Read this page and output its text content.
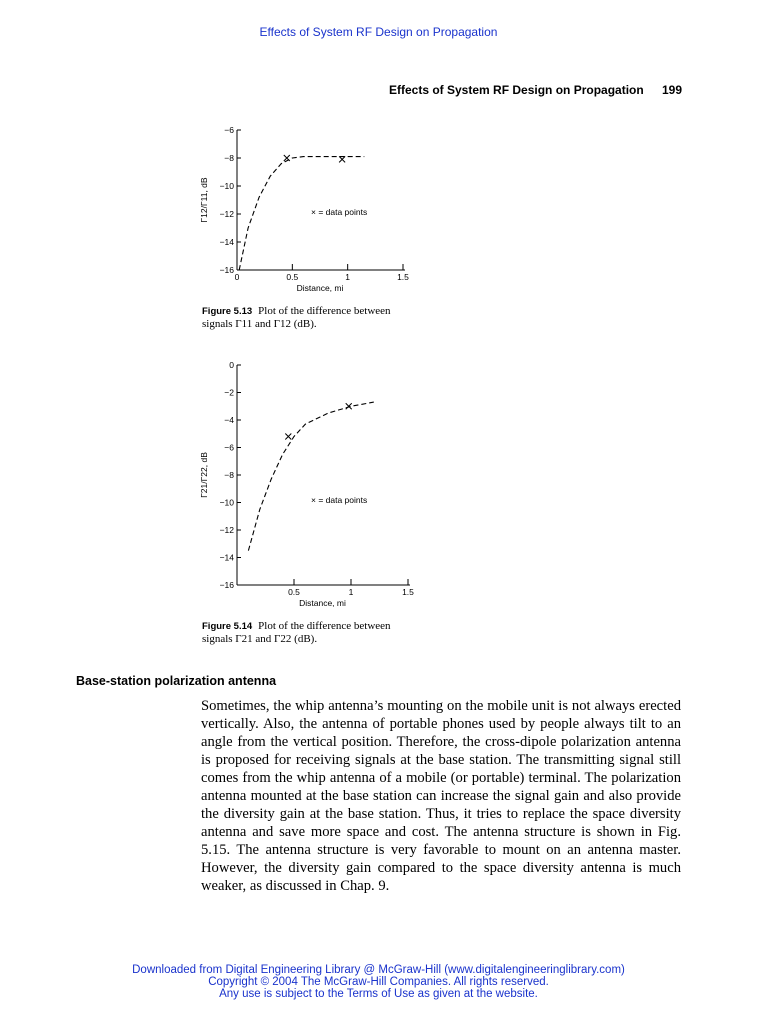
Effects of System RF Design on Propagation
Effects of System RF Design on Propagation 199
−6
−8
−10
−12
−14
−16
0	0.5	1	1.5
Distance, mi
Γ12/Γ11, dB	× = data points
Figure 5.13 Plot of the difference between signals Γ11 and Γ12 (dB).
0
−2
−4
−6
−8
−10
−12
−14
−16
0.5	1	1.5
Distance, mi
Γ21/Γ22, dB
× = data points
Figure 5.14 Plot of the difference between signals Γ21 and Γ22 (dB).
Base-station polarization antenna
Sometimes, the whip antenna’s mounting on the mobile unit is not always erected vertically. Also, the antenna of portable phones used by people always tilt to an angle from the vertical position. Therefore, the cross-dipole polarization antenna is proposed for receiving signals at the base station. The transmitting signal still comes from the whip antenna of a mobile (or portable) terminal. The polarization antenna mounted at the base station can increase the signal gain and also provide the diversity gain at the base station. Thus, it tries to replace the space diversity antenna and save more space and cost. The antenna structure is shown in Fig. 5.15. The antenna structure is very favorable to mount on an antenna master. However, the diversity gain compared to the space diversity antenna is much weaker, as discussed in Chap. 9.
Downloaded from Digital Engineering Library @ McGraw-Hill (www.digitalengineeringlibrary.com)
Copyright © 2004 The McGraw-Hill Companies. All rights reserved.
Any use is subject to the Terms of Use as given at the website.
